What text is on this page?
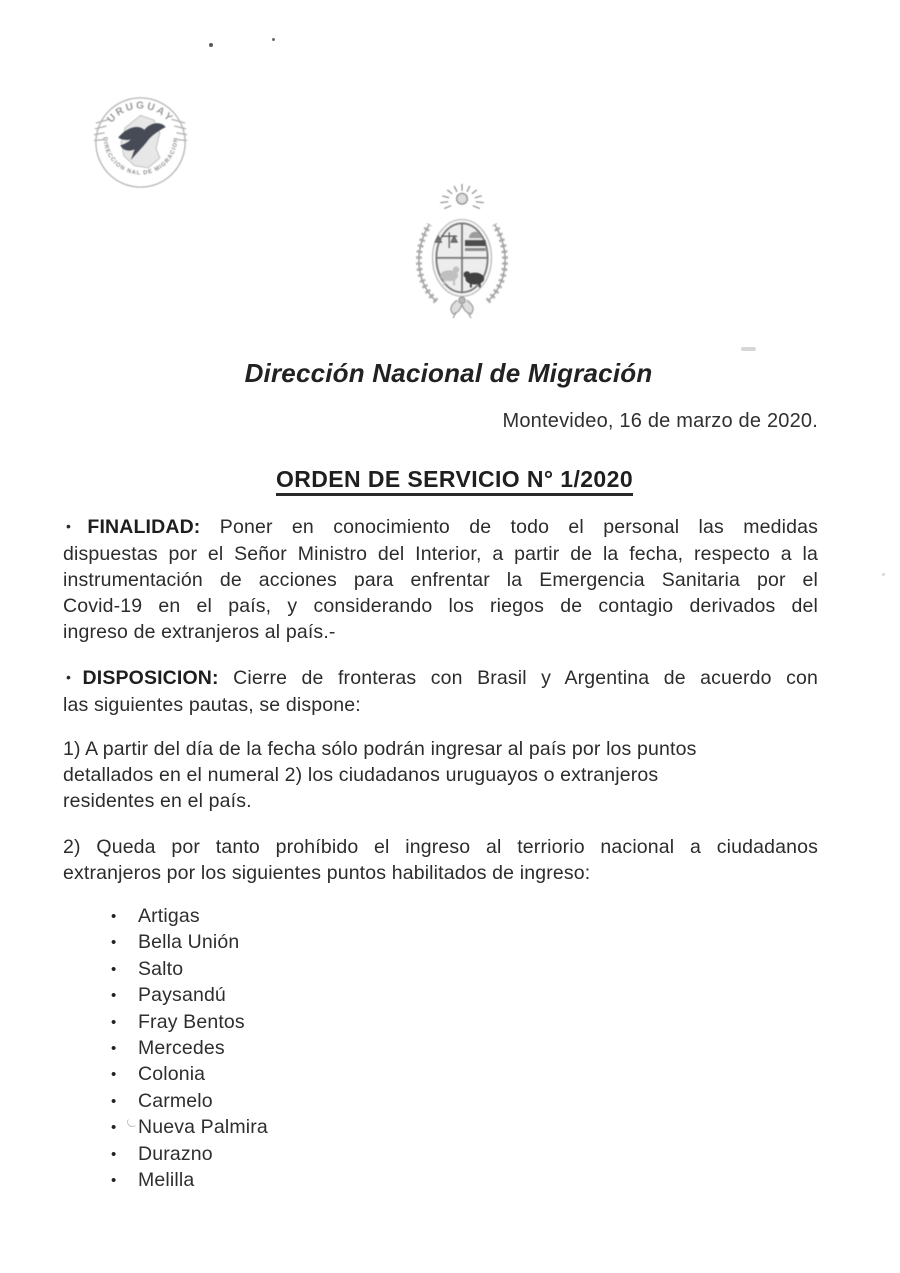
URUGUAY
DIRECCION NAL DE MIGRACION
Dirección Nacional de Migración
Montevideo, 16 de marzo de 2020.
ORDEN DE SERVICIO N° 1/2020
• FINALIDAD: Poner en conocimiento de todo el personal las medidas
dispuestas por el Señor Ministro del Interior, a partir de la fecha, respecto a la
instrumentación de acciones para enfrentar la Emergencia Sanitaria por el
Covid-19 en el país, y considerando los riegos de contagio derivados del
ingreso de extranjeros al país.-
• DISPOSICION: Cierre de fronteras con Brasil y Argentina de acuerdo con
las siguientes pautas, se dispone:
1) A partir del día de la fecha sólo podrán ingresar al país por los puntos
detallados en el numeral 2) los ciudadanos uruguayos o extranjeros
residentes en el país.
2) Queda por tanto prohíbido el ingreso al terriorio nacional a ciudadanos
extranjeros por los siguientes puntos habilitados de ingreso:
• Artigas
• Bella Unión
• Salto
• Paysandú
• Fray Bentos
• Mercedes
• Colonia
• Carmelo
• Nueva Palmira
• Durazno
• Melilla
